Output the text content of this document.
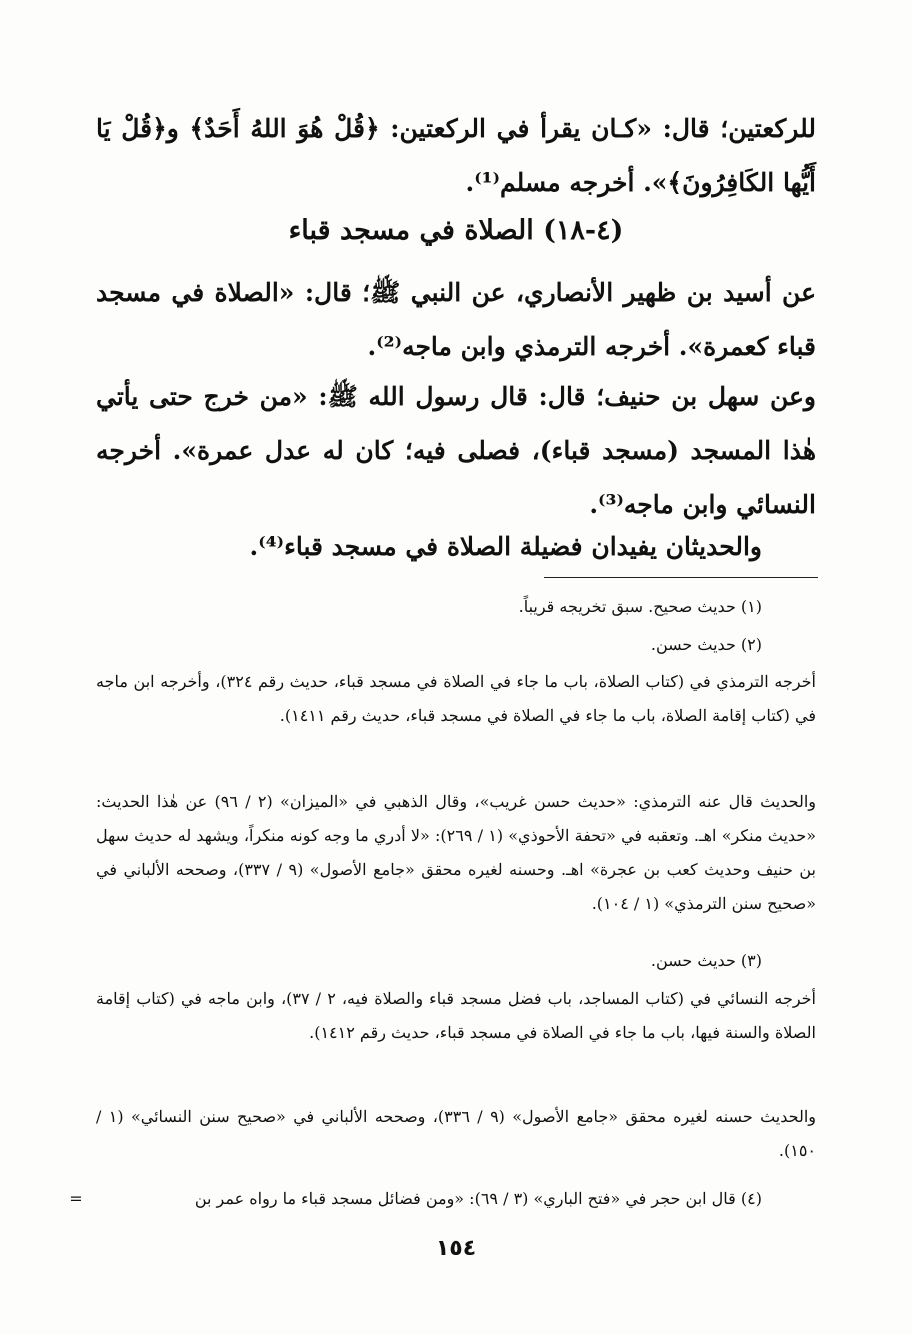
للركعتين؛ قال: «كـان يقرأ في الركعتين: ﴿قُلْ هُوَ اللهُ أَحَدٌ﴾ و﴿قُلْ يَا أَيُّها الكَافِرُونَ﴾». أخرجه مسلم⁽¹⁾.
(٤-١٨) الصلاة في مسجد قباء
عن أسيد بن ظهير الأنصاري، عن النبي ﷺ؛ قال: «الصلاة في مسجد قباء كعمرة». أخرجه الترمذي وابن ماجه⁽²⁾.
وعن سهل بن حنيف؛ قال: قال رسول الله ﷺ: «من خرج حتى يأتي هٰذا المسجد (مسجد قباء)، فصلى فيه؛ كان له عدل عمرة». أخرجه النسائي وابن ماجه⁽³⁾.
والحديثان يفيدان فضيلة الصلاة في مسجد قباء⁽⁴⁾.
(١) حديث صحيح. سبق تخريجه قريباً.
(٢) حديث حسن.
أخرجه الترمذي في (كتاب الصلاة، باب ما جاء في الصلاة في مسجد قباء، حديث رقم ٣٢٤)، وأخرجه ابن ماجه في (كتاب إقامة الصلاة، باب ما جاء في الصلاة في مسجد قباء، حديث رقم ١٤١١).
والحديث قال عنه الترمذي: «حديث حسن غريب»، وقال الذهبي في «الميزان» (٢ / ٩٦) عن هٰذا الحديث: «حديث منكر» اهـ. وتعقبه في «تحفة الأحوذي» (١ / ٢٦٩): «لا أدري ما وجه كونه منكراً، ويشهد له حديث سهل بن حنيف وحديث كعب بن عجرة» اهـ. وحسنه لغيره محقق «جامع الأصول» (٩ / ٣٣٧)، وصححه الألباني في «صحيح سنن الترمذي» (١ / ١٠٤).
(٣) حديث حسن.
أخرجه النسائي في (كتاب المساجد، باب فضل مسجد قباء والصلاة فيه، ٢ / ٣٧)، وابن ماجه في (كتاب إقامة الصلاة والسنة فيها، باب ما جاء في الصلاة في مسجد قباء، حديث رقم ١٤١٢).
والحديث حسنه لغيره محقق «جامع الأصول» (٩ / ٣٣٦)، وصححه الألباني في «صحيح سنن النسائي» (١ / ١٥٠).
(٤) قال ابن حجر في «فتح الباري» (٣ / ٦٩): «ومن فضائل مسجد قباء ما رواه عمر بن
=
١٥٤
